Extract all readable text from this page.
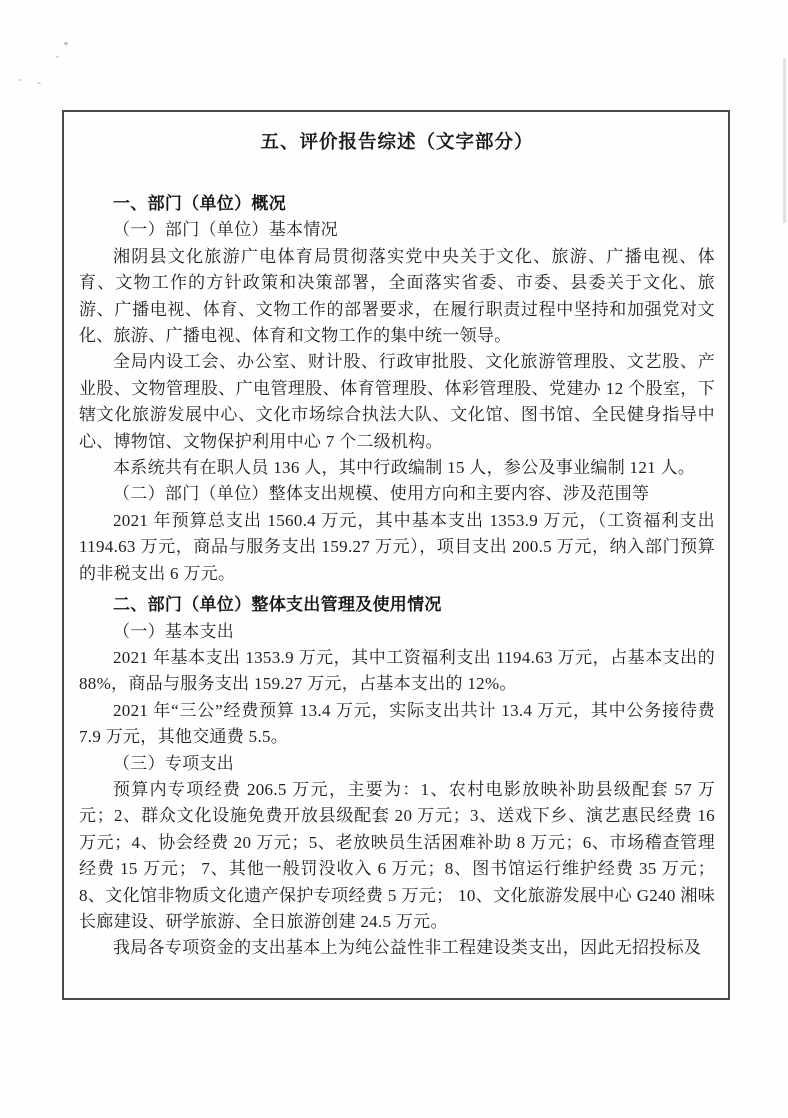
五、评价报告综述（文字部分）

一、部门（单位）概况

（一）部门（单位）基本情况

湘阴县文化旅游广电体育局贯彻落实党中央关于文化、旅游、广播电视、体育、文物工作的方针政策和决策部署，全面落实省委、市委、县委关于文化、旅游、广播电视、体育、文物工作的部署要求，在履行职责过程中坚持和加强党对文化、旅游、广播电视、体育和文物工作的集中统一领导。

全局内设工会、办公室、财计股、行政审批股、文化旅游管理股、文艺股、产业股、文物管理股、广电管理股、体育管理股、体彩管理股、党建办 12 个股室，下辖文化旅游发展中心、文化市场综合执法大队、文化馆、图书馆、全民健身指导中心、博物馆、文物保护利用中心 7 个二级机构。

本系统共有在职人员 136 人，其中行政编制 15 人，参公及事业编制 121 人。

（二）部门（单位）整体支出规模、使用方向和主要内容、涉及范围等

2021 年预算总支出 1560.4 万元，其中基本支出 1353.9 万元，（工资福利支出 1194.63 万元，商品与服务支出 159.27 万元），项目支出 200.5 万元，纳入部门预算的非税支出 6 万元。

二、部门（单位）整体支出管理及使用情况

（一）基本支出

2021 年基本支出 1353.9 万元，其中工资福利支出 1194.63 万元，占基本支出的 88%，商品与服务支出 159.27 万元，占基本支出的 12%。

2021 年“三公”经费预算 13.4 万元，实际支出共计 13.4 万元，其中公务接待费 7.9 万元，其他交通费 5.5。

（三）专项支出

预算内专项经费 206.5 万元，主要为：1、农村电影放映补助县级配套 57 万元；2、群众文化设施免费开放县级配套 20 万元；3、送戏下乡、演艺惠民经费 16 万元；4、协会经费 20 万元；5、老放映员生活困难补助 8 万元；6、市场稽查管理经费 15 万元； 7、其他一般罚没收入 6 万元；8、图书馆运行维护经费 35 万元；8、文化馆非物质文化遗产保护专项经费 5 万元； 10、文化旅游发展中心 G240 湘味长廊建设、研学旅游、全日旅游创建 24.5 万元。

我局各专项资金的支出基本上为纯公益性非工程建设类支出，因此无招投标及
